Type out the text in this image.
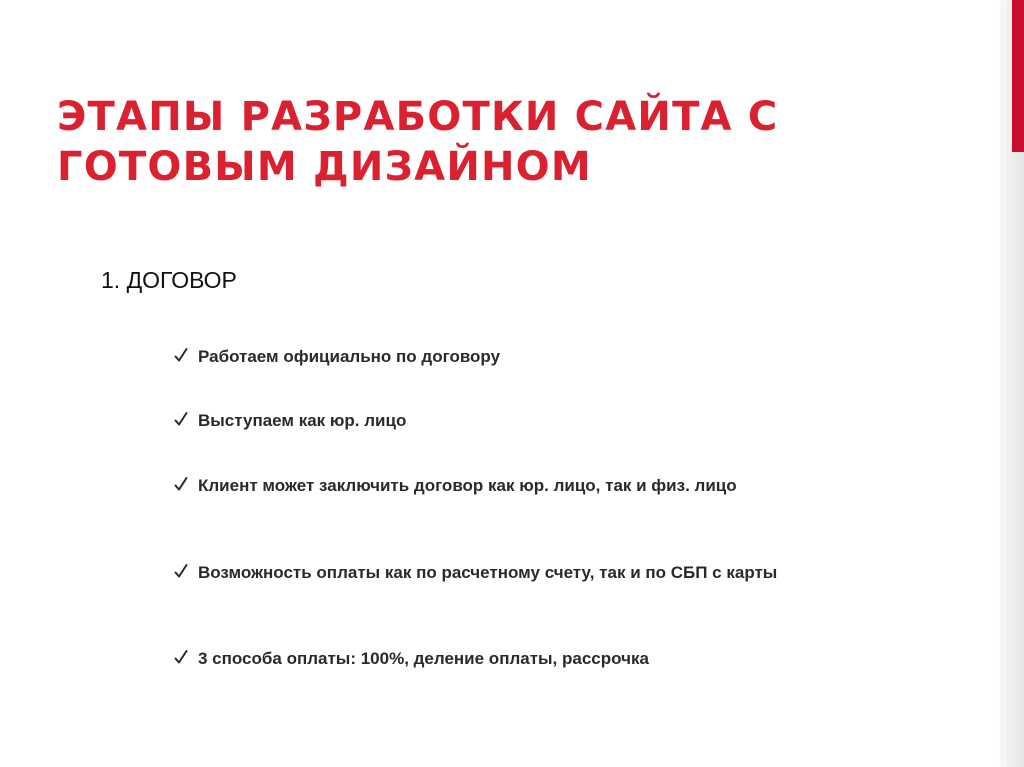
ЭТАПЫ РАЗРАБОТКИ САЙТА С
ГОТОВЫМ ДИЗАЙНОМ
1. ДОГОВОР
Работаем официально по договору
Выступаем как юр. лицо
Клиент может заключить договор как юр. лицо, так и физ. лицо
Возможность оплаты как по расчетному счету, так и по СБП с карты
3 способа оплаты: 100%, деление оплаты, рассрочка
